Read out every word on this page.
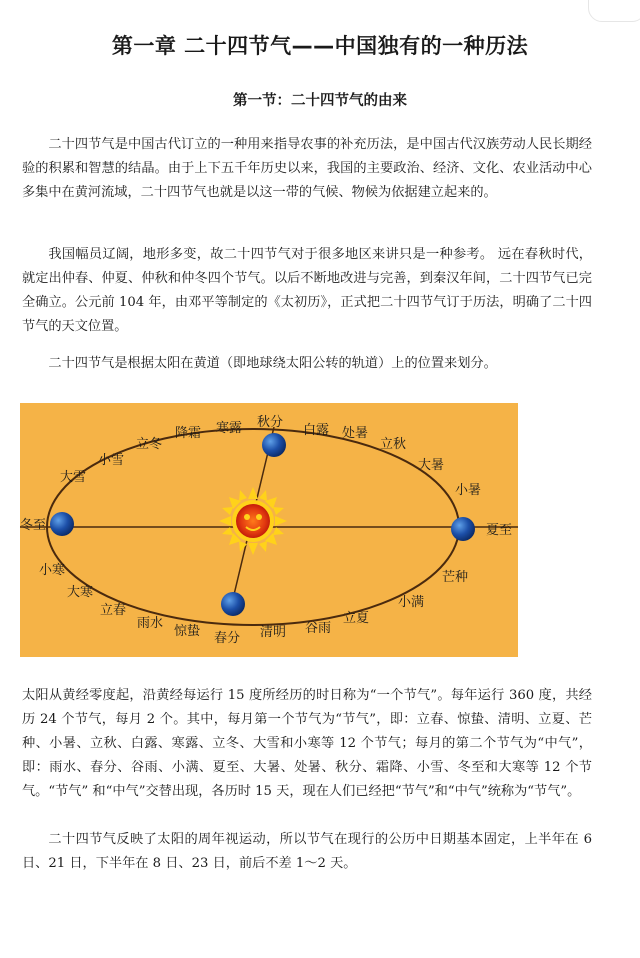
第一章 二十四节气——中国独有的一种历法
第一节：二十四节气的由来

二十四节气是中国古代订立的一种用来指导农事的补充历法，是中国古代汉族劳动人民长期经验的积累和智慧的结晶。由于上下五千年历史以来，我国的主要政治、经济、文化、农业活动中心多集中在黄河流域，二十四节气也就是以这一带的气候、物候为依据建立起来的。

我国幅员辽阔，地形多变，故二十四节气对于很多地区来讲只是一种参考。 远在春秋时代，就定出仲春、仲夏、仲秋和仲冬四个节气。以后不断地改进与完善，到秦汉年间，二十四节气已完全确立。公元前 104 年，由邓平等制定的《太初历》，正式把二十四节气订于历法，明确了二十四节气的天文位置。

二十四节气是根据太阳在黄道（即地球绕太阳公转的轨道）上的位置来划分。

冬至
小寒
大寒
立春
雨水
惊蛰 春分 清明 谷雨
立夏
小满
芒种
夏至
小暑
大暑
立秋
处暑
白露
秋分
寒露
降霜
立冬
小雪
大雪

太阳从黄经零度起，沿黄经每运行 15 度所经历的时日称为“一个节气”。每年运行 360 度，共经历 24 个节气，每月 2 个。其中，每月第一个节气为“节气”，即：立春、惊蛰、清明、立夏、芒种、小暑、立秋、白露、寒露、立冬、大雪和小寒等 12 个节气；每月的第二个节气为“中气”，即：雨水、春分、谷雨、小满、夏至、大暑、处暑、秋分、霜降、小雪、冬至和大寒等 12 个节气。“节气” 和“中气”交替出现，各历时 15 天，现在人们已经把“节气”和“中气”统称为“节气”。

二十四节气反映了太阳的周年视运动，所以节气在现行的公历中日期基本固定，上半年在 6 日、21 日，下半年在 8 日、23 日，前后不差 1～2 天。
